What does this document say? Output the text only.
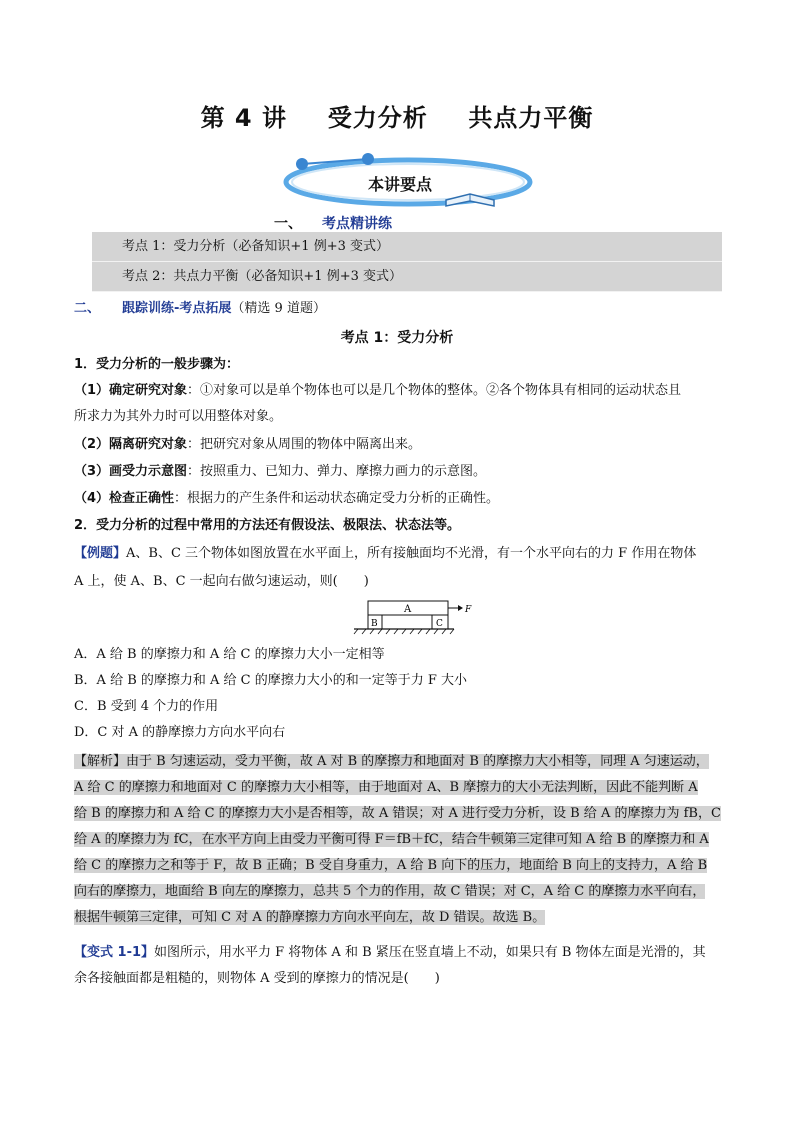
第 4 讲 受力分析 共点力平衡
本讲要点
一、 考点精讲练
考点 1：受力分析（必备知识+1 例+3 变式）
考点 2：共点力平衡（必备知识+1 例+3 变式）
二、 跟踪训练-考点拓展（精选 9 道题）
考点 1：受力分析
1．受力分析的一般步骤为：
（1）确定研究对象：①对象可以是单个物体也可以是几个物体的整体。②各个物体具有相同的运动状态且
所求力为其外力时可以用整体对象。
（2）隔离研究对象：把研究对象从周围的物体中隔离出来。
（3）画受力示意图：按照重力、已知力、弹力、摩擦力画力的示意图。
（4）检查正确性：根据力的产生条件和运动状态确定受力分析的正确性。
2．受力分析的过程中常用的方法还有假设法、极限法、状态法等。
【例题】A、B、C 三个物体如图放置在水平面上，所有接触面均不光滑，有一个水平向右的力 F 作用在物体
A 上，使 A、B、C 一起向右做匀速运动，则(　　)
A
B	C
F
A．A 给 B 的摩擦力和 A 给 C 的摩擦力大小一定相等
B．A 给 B 的摩擦力和 A 给 C 的摩擦力大小的和一定等于力 F 大小
C．B 受到 4 个力的作用
D．C 对 A 的静摩擦力方向水平向右
【解析】由于 B 匀速运动，受力平衡，故 A 对 B 的摩擦力和地面对 B 的摩擦力大小相等，同理 A 匀速运动，
A 给 C 的摩擦力和地面对 C 的摩擦力大小相等，由于地面对 A、B 摩擦力的大小无法判断，因此不能判断 A
给 B 的摩擦力和 A 给 C 的摩擦力大小是否相等，故 A 错误；对 A 进行受力分析，设 B 给 A 的摩擦力为 fB，C
给 A 的摩擦力为 fC，在水平方向上由受力平衡可得 F＝fB＋fC，结合牛顿第三定律可知 A 给 B 的摩擦力和 A
给 C 的摩擦力之和等于 F，故 B 正确；B 受自身重力，A 给 B 向下的压力，地面给 B 向上的支持力，A 给 B
向右的摩擦力，地面给 B 向左的摩擦力，总共 5 个力的作用，故 C 错误；对 C，A 给 C 的摩擦力水平向右，
根据牛顿第三定律，可知 C 对 A 的静摩擦力方向水平向左，故 D 错误。故选 B。
【变式 1-1】如图所示，用水平力 F 将物体 A 和 B 紧压在竖直墙上不动，如果只有 B 物体左面是光滑的，其
余各接触面都是粗糙的，则物体 A 受到的摩擦力的情况是(　　)
